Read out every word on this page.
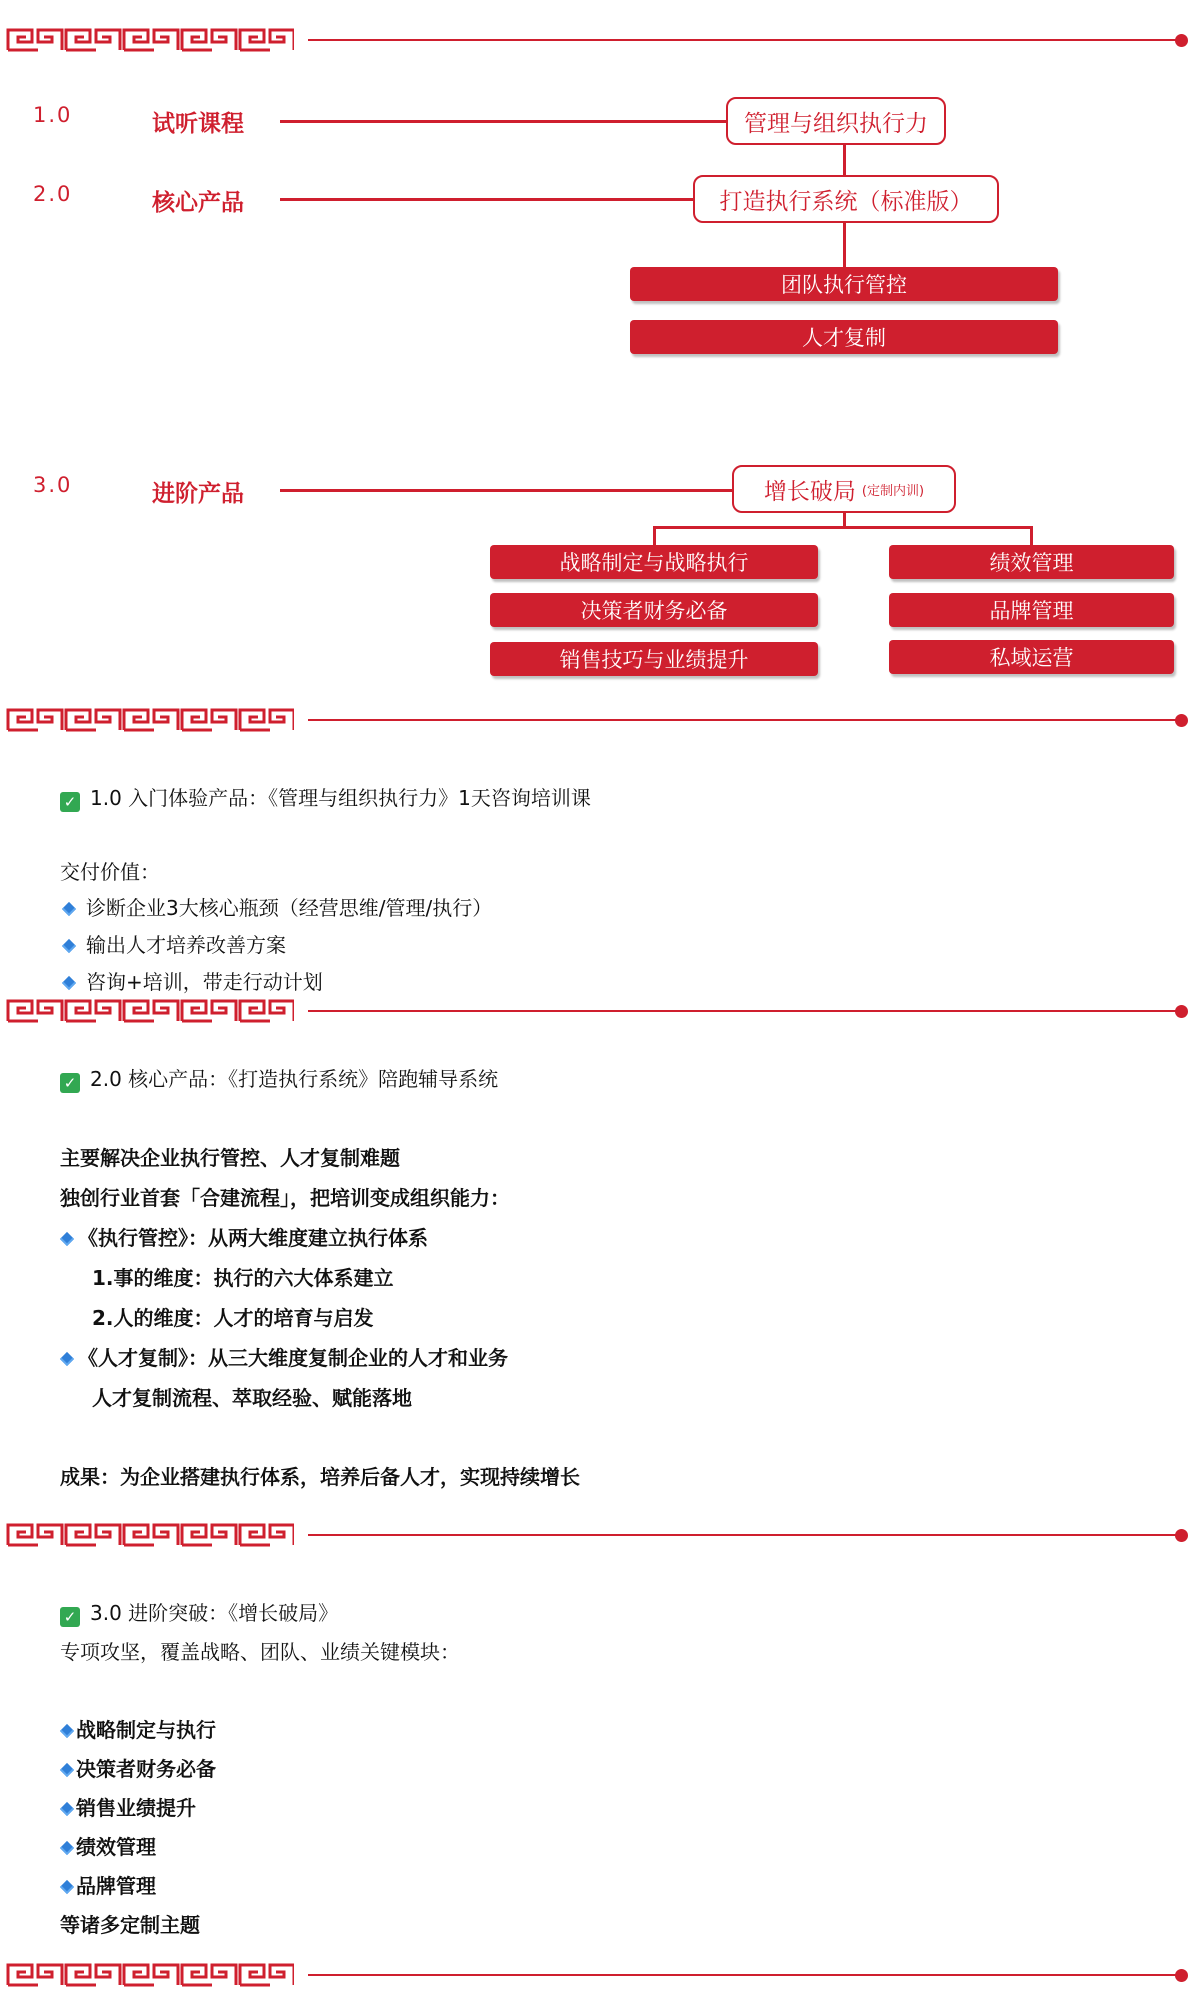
1.0	试听课程	管理与组织执行力
2.0	核心产品	打造执行系统（标准版）
团队执行管控
人才复制
3.0	进阶产品	增长破局 (定制内训)
战略制定与战略执行
决策者财务必备
销售技巧与业绩提升
绩效管理
品牌管理
私域运营
✓ 1.0 入门体验产品：《管理与组织执行力》1天咨询培训课
交付价值：
诊断企业3大核心瓶颈（经营思维/管理/执行）
输出人才培养改善方案
咨询+培训，带走行动计划
✓ 2.0 核心产品：《打造执行系统》陪跑辅导系统
主要解决企业执行管控、人才复制难题
独创行业首套「合建流程」，把培训变成组织能力：
《执行管控》：从两大维度建立执行体系
1.事的维度：执行的六大体系建立
2.人的维度：人才的培育与启发
《人才复制》：从三大维度复制企业的人才和业务
人才复制流程、萃取经验、赋能落地
成果：为企业搭建执行体系，培养后备人才，实现持续增长
✓ 3.0 进阶突破：《增长破局》
专项攻坚，覆盖战略、团队、业绩关键模块：
战略制定与执行
决策者财务必备
销售业绩提升
绩效管理
品牌管理
等诸多定制主题
